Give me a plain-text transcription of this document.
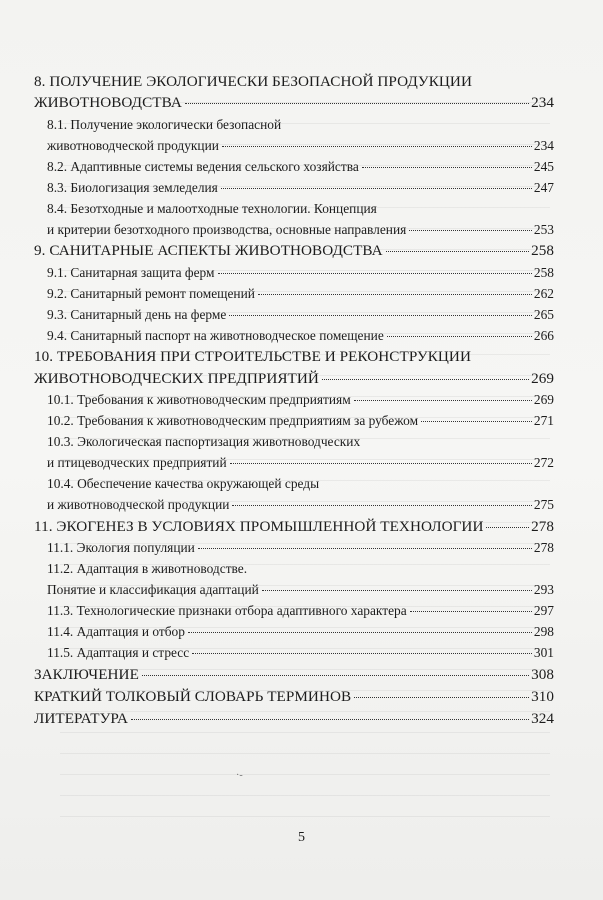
8. ПОЛУЧЕНИЕ ЭКОЛОГИЧЕСКИ БЕЗОПАСНОЙ ПРОДУКЦИИ
ЖИВОТНОВОДСТВА	234
8.1. Получение экологически безопасной
животноводческой продукции	234
8.2. Адаптивные системы ведения сельского хозяйства	245
8.3. Биологизация земледелия	247
8.4. Безотходные и малоотходные технологии. Концепция
и критерии безотходного производства, основные направления	253
9. САНИТАРНЫЕ АСПЕКТЫ ЖИВОТНОВОДСТВА	258
9.1. Санитарная защита ферм	258
9.2. Санитарный ремонт помещений	262
9.3. Санитарный день на ферме	265
9.4. Санитарный паспорт на животноводческое помещение	266
10. ТРЕБОВАНИЯ ПРИ СТРОИТЕЛЬСТВЕ И РЕКОНСТРУКЦИИ
ЖИВОТНОВОДЧЕСКИХ ПРЕДПРИЯТИЙ	269
10.1. Требования к животноводческим предприятиям	269
10.2. Требования к животноводческим предприятиям за рубежом	271
10.3. Экологическая паспортизация животноводческих
и птицеводческих предприятий	272
10.4. Обеспечение качества окружающей среды
и животноводческой продукции	275
11. ЭКОГЕНЕЗ В УСЛОВИЯХ ПРОМЫШЛЕННОЙ ТЕХНОЛОГИИ	278
11.1. Экология популяции	278
11.2. Адаптация в животноводстве.
Понятие и классификация адаптаций	293
11.3. Технологические признаки отбора адаптивного характера	297
11.4. Адаптация и отбор	298
11.5. Адаптация и стресс	301
ЗАКЛЮЧЕНИЕ	308
КРАТКИЙ ТОЛКОВЫЙ СЛОВАРЬ ТЕРМИНОВ	310
ЛИТЕРАТУРА	324
·‐
5
